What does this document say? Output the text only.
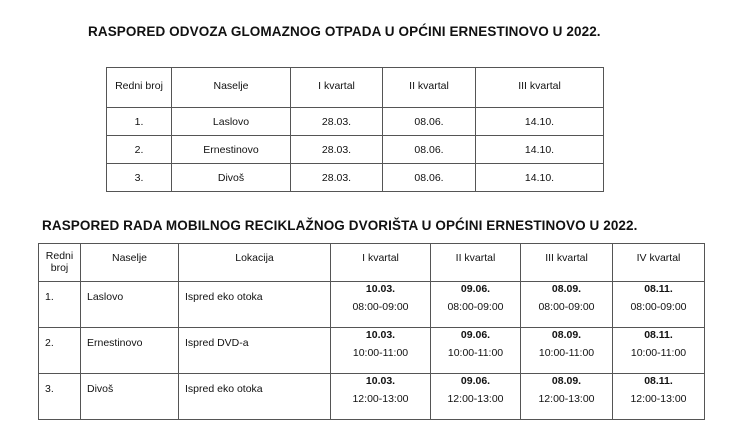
RASPORED ODVOZA GLOMAZNOG OTPADA U OPĆINI ERNESTINOVO U 2022.
Redni broj	Naselje	I kvartal	II kvartal	III kvartal
1.	Laslovo	28.03.	08.06.	14.10.
2.	Ernestinovo	28.03.	08.06.	14.10.
3.	Divoš	28.03.	08.06.	14.10.
RASPORED RADA MOBILNOG RECIKLAŽNOG DVORIŠTA U OPĆINI ERNESTINOVO U 2022.
Redni
broj	Naselje	Lokacija	I kvartal	II kvartal	III kvartal	IV kvartal
1.	Laslovo	Ispred eko otoka	10.03.
08:00-09:00	09.06.
08:00-09:00	08.09.
08:00-09:00	08.11.
08:00-09:00

2.	Ernestinovo	Ispred DVD-a	10.03.
10:00-11:00	09.06.
10:00-11:00	08.09.
10:00-11:00	08.11.
10:00-11:00

3.	Divoš	Ispred eko otoka	10.03.
12:00-13:00	09.06.
12:00-13:00	08.09.
12:00-13:00	08.11.
12:00-13:00
